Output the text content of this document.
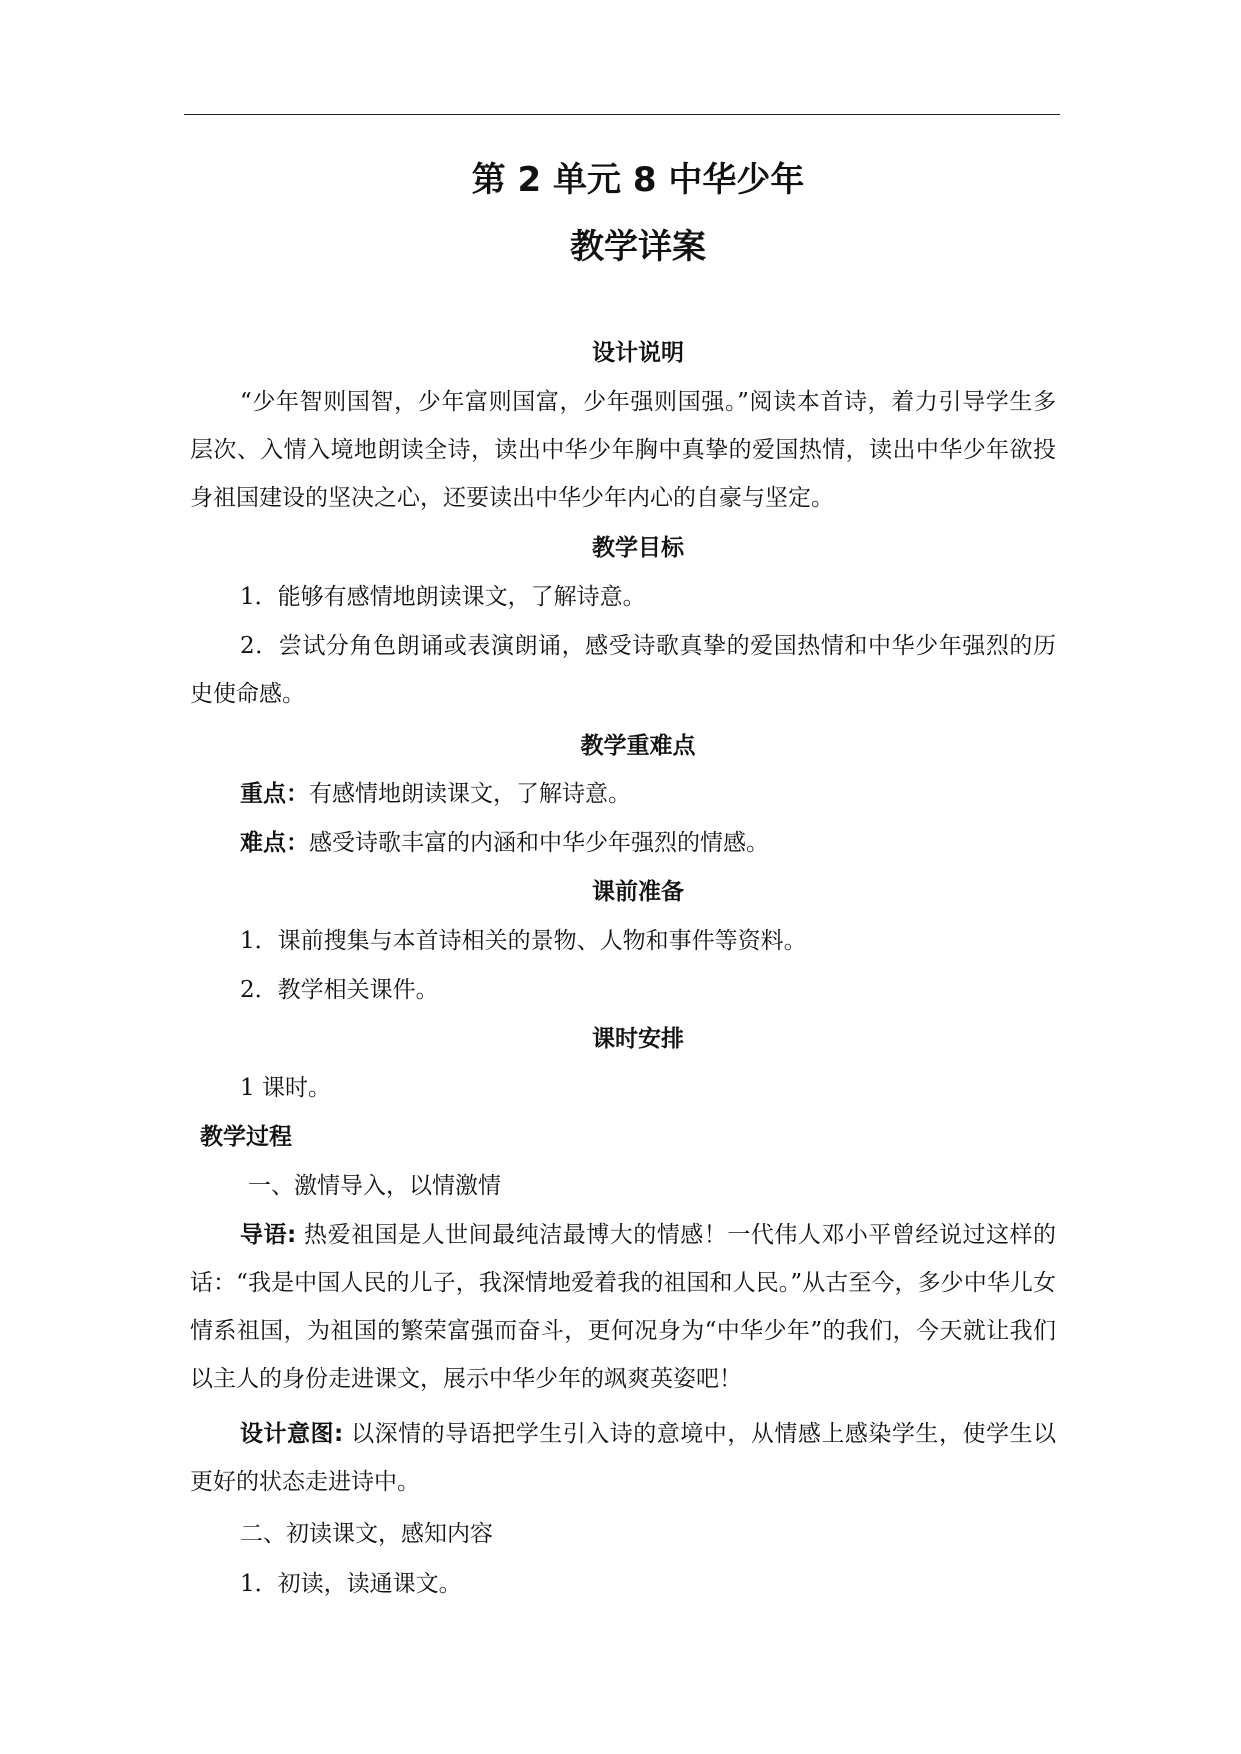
第 2 单元 8 中华少年
教学详案
设计说明

“少年智则国智，少年富则国富，少年强则国强。”阅读本首诗，着力引导学生多层次、入情入境地朗读全诗，读出中华少年胸中真挚的爱国热情，读出中华少年欲投身祖国建设的坚决之心，还要读出中华少年内心的自豪与坚定。

教学目标
1．能够有感情地朗读课文，了解诗意。

2．尝试分角色朗诵或表演朗诵，感受诗歌真挚的爱国热情和中华少年强烈的历史使命感。

教学重难点
重点：有感情地朗读课文，了解诗意。
难点：感受诗歌丰富的内涵和中华少年强烈的情感。
课前准备
1．课前搜集与本首诗相关的景物、人物和事件等资料。
2．教学相关课件。
课时安排
1 课时。
教学过程
一、激情导入，以情激情

导语: 热爱祖国是人世间最纯洁最博大的情感！一代伟人邓小平曾经说过这样的话：“我是中国人民的儿子，我深情地爱着我的祖国和人民。”从古至今，多少中华儿女情系祖国，为祖国的繁荣富强而奋斗，更何况身为“中华少年”的我们，今天就让我们以主人的身份走进课文，展示中华少年的飒爽英姿吧！

设计意图: 以深情的导语把学生引入诗的意境中，从情感上感染学生，使学生以更好的状态走进诗中。

二、初读课文，感知内容
1．初读，读通课文。
